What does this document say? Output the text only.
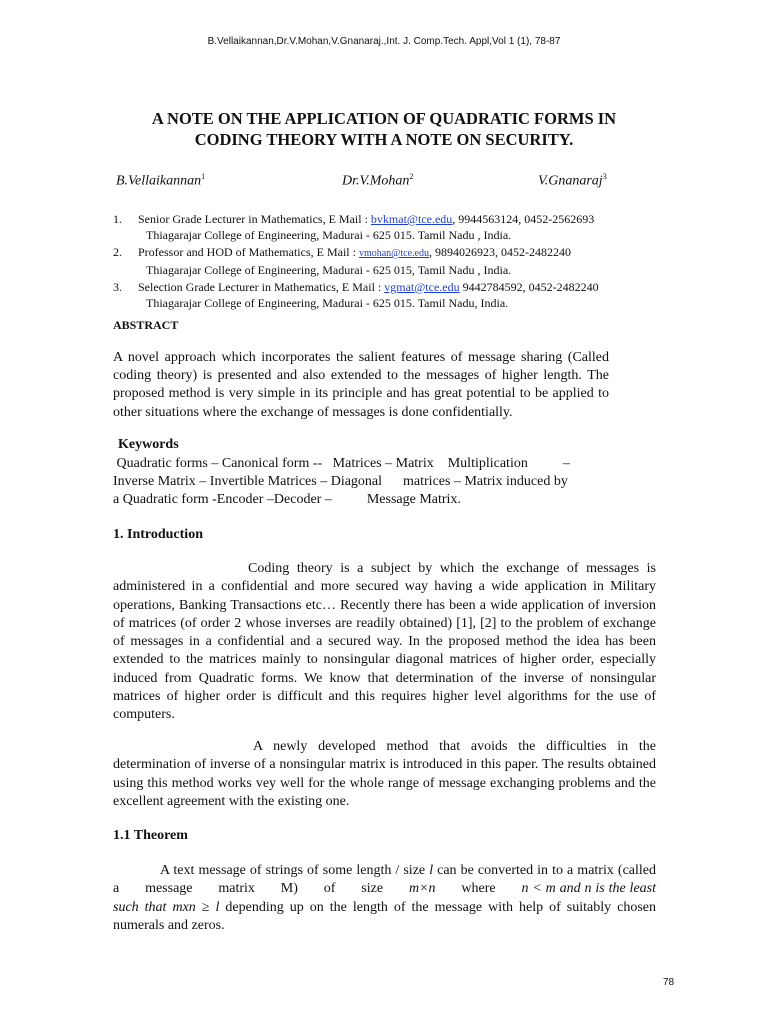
B.Vellaikannan,Dr.V.Mohan,V.Gnanaraj.,Int. J. Comp.Tech. Appl,Vol 1 (1), 78-87
A NOTE ON THE APPLICATION OF QUADRATIC FORMS IN
CODING THEORY WITH A NOTE ON SECURITY.
B.Vellaikannan$^1$	Dr.V.Mohan$^2$	V.Gnanaraj$^3$
1. Senior Grade Lecturer in Mathematics, E Mail : bvkmat@tce.edu, 9944563124, 0452-2562693
Thiagarajar College of Engineering, Madurai - 625 015. Tamil Nadu , India.
2. Professor and HOD of Mathematics, E Mail : vmohan@tce.edu, 9894026923, 0452-2482240
Thiagarajar College of Engineering, Madurai - 625 015, Tamil Nadu , India.
3. Selection Grade Lecturer in Mathematics, E Mail : vgmat@tce.edu 9442784592, 0452-2482240
Thiagarajar College of Engineering, Madurai - 625 015. Tamil Nadu, India.
ABSTRACT

A novel approach which incorporates the salient features of message sharing (Called coding theory) is presented and also extended to the messages of higher length. The proposed method is very simple in its principle and has great potential to be applied to other situations where the exchange of messages is done confidentially.

Keywords

Quadratic forms – Canonical form --   Matrices – Matrix    Multiplication          –
Inverse Matrix – Invertible Matrices – Diagonal      matrices – Matrix induced by
a Quadratic form -Encoder –Decoder –          Message Matrix.

1. Introduction

Coding theory is a subject by which the exchange of messages is administered in a confidential and more secured way having a wide application in Military operations, Banking Transactions etc… Recently there has been a wide application of inversion of matrices (of order 2 whose inverses are readily obtained) [1], [2] to the problem of exchange of messages in a confidential and a secured way. In the proposed method the idea has been extended to the matrices mainly to nonsingular diagonal matrices of higher order, especially induced from Quadratic forms. We know that determination of the inverse of nonsingular matrices of higher order is difficult and this requires higher level algorithms for the use of computers.

A newly developed method that avoids the difficulties in the determination of inverse of a nonsingular matrix is introduced in this paper. The results obtained using this method works vey well for the whole range of message exchanging problems and the excellent agreement with the existing one.

1.1 Theorem

A text message of strings of some length / size l can be converted in to a matrix (called a message matrix M) of size m×n where n < m and n is the least such that mxn ≥ l depending up on the length of the message with help of suitably chosen numerals and zeros.

78
